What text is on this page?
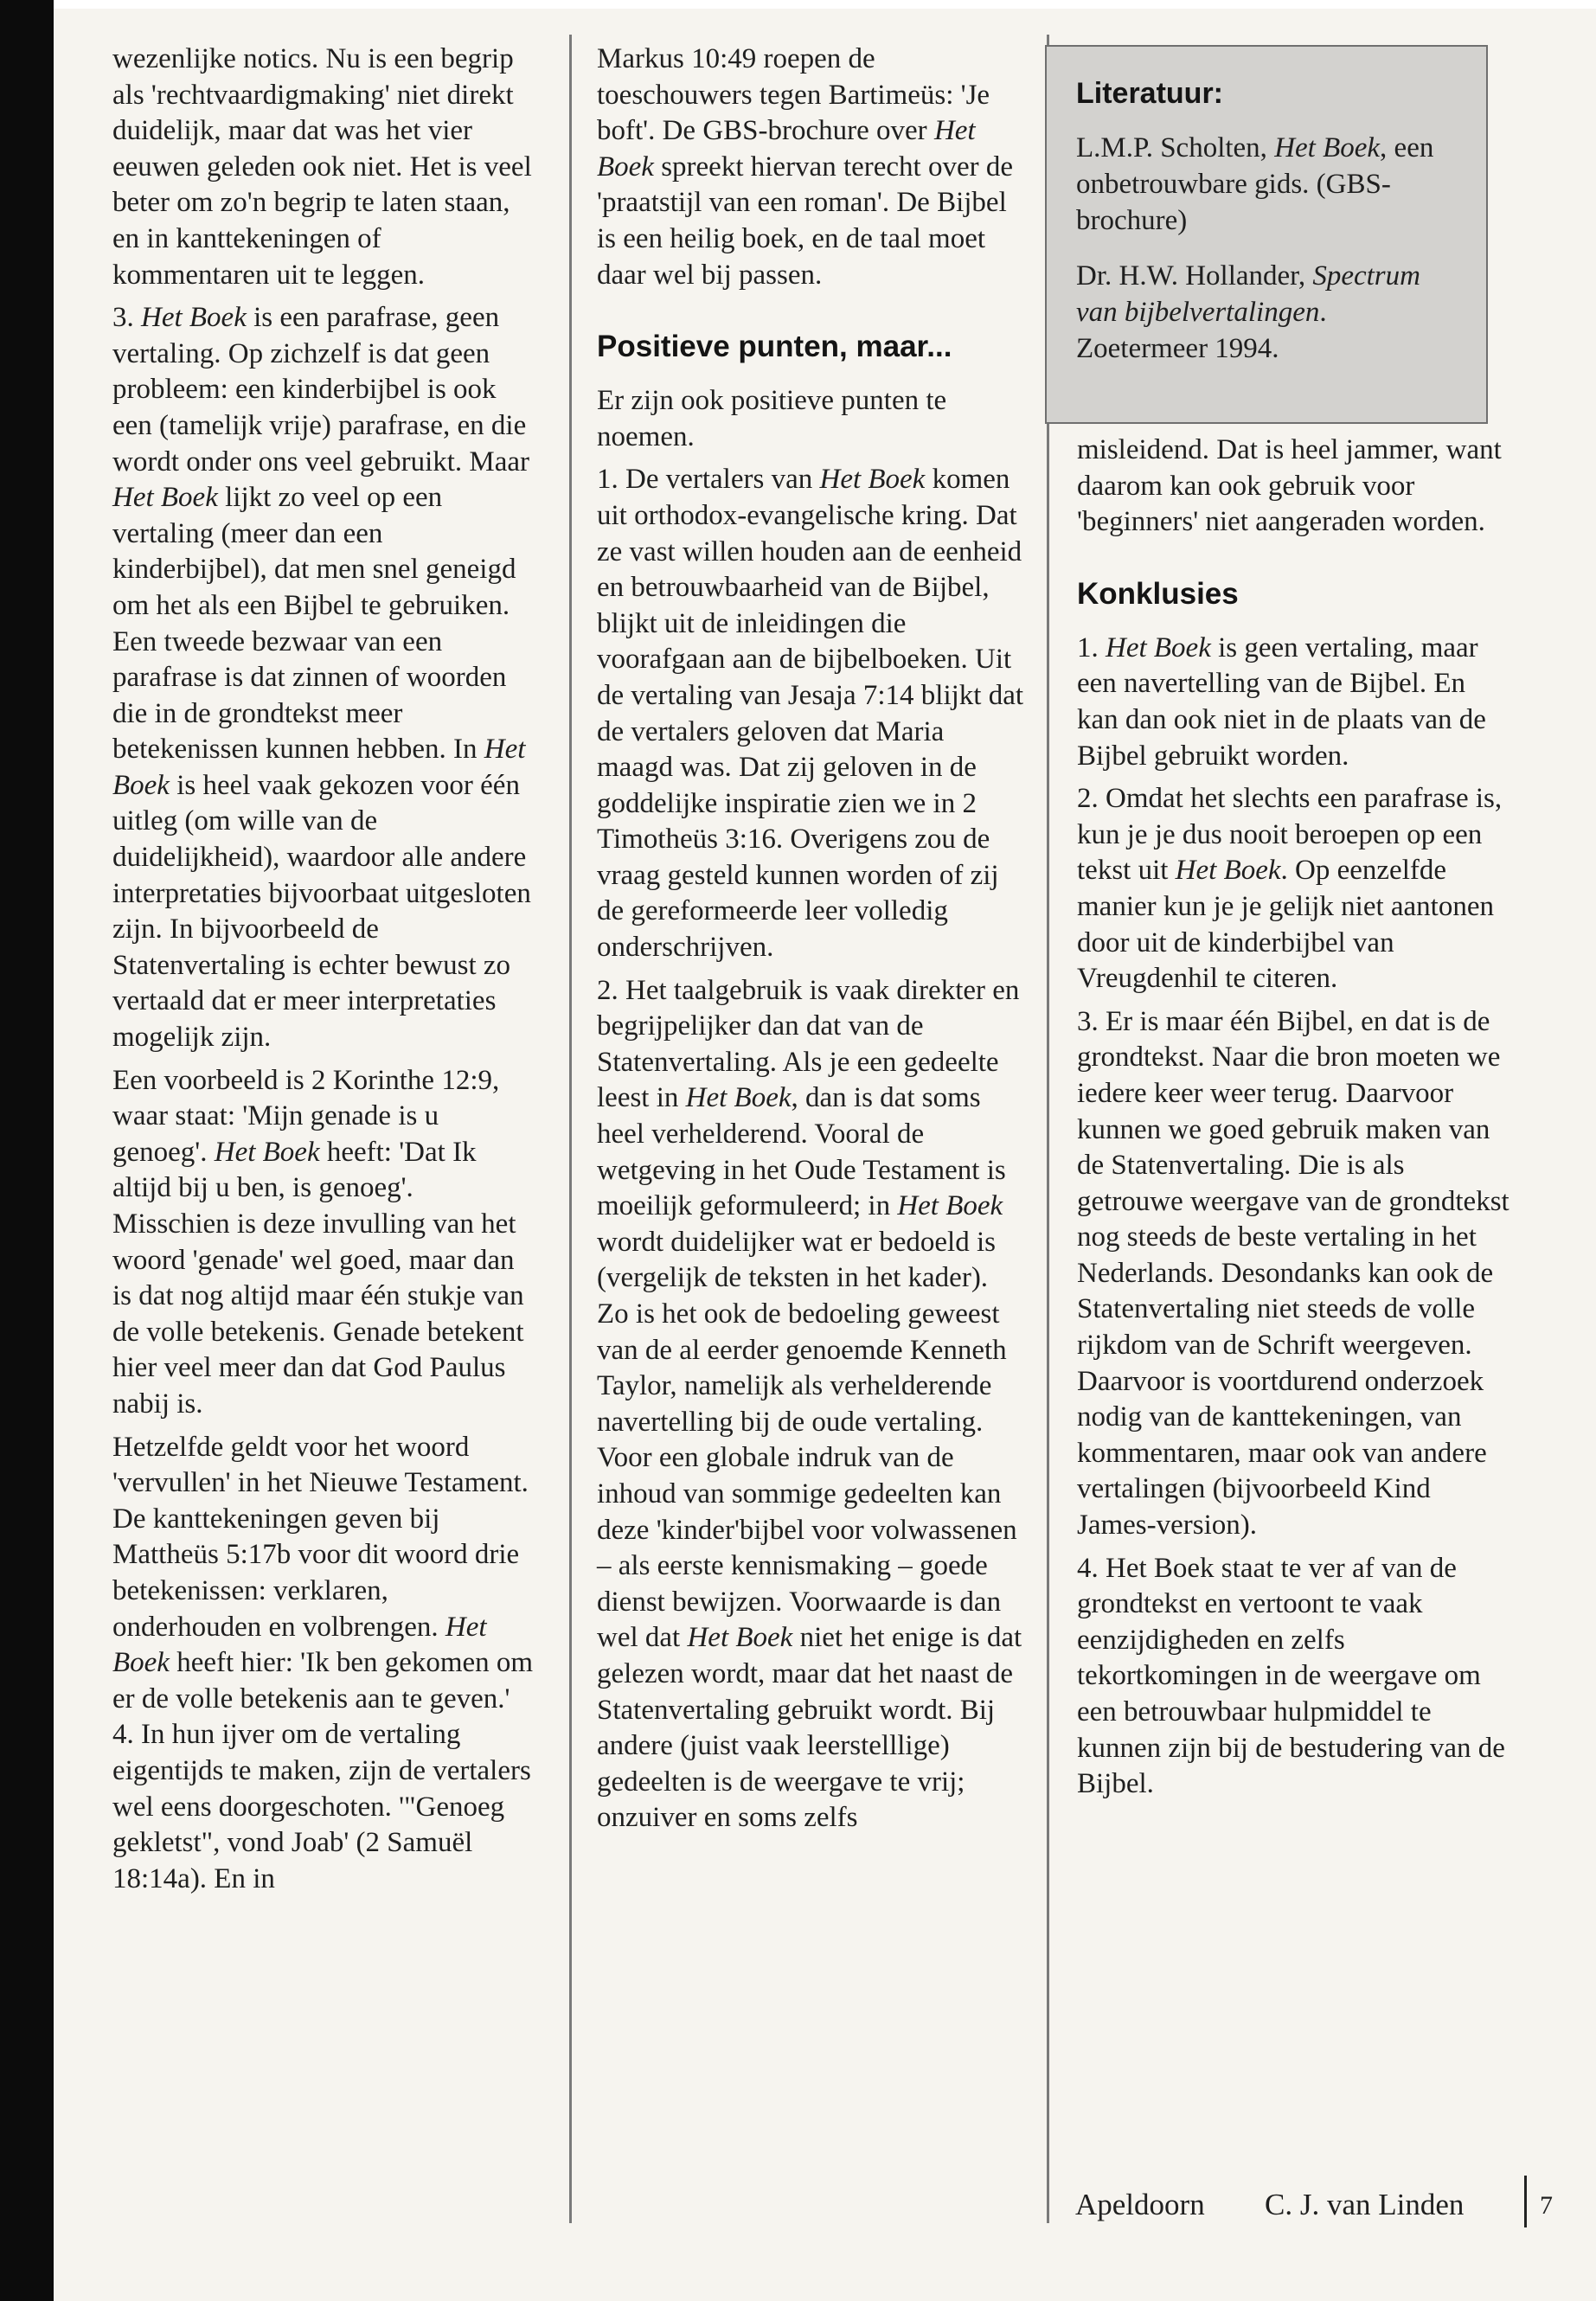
wezenlijke notics. Nu is een begrip als 'rechtvaardigmaking' niet direkt duidelijk, maar dat was het vier eeuwen geleden ook niet. Het is veel beter om zo'n begrip te laten staan, en in kanttekeningen of kommentaren uit te leggen.

3. Het Boek is een parafrase, geen vertaling. Op zichzelf is dat geen probleem: een kinderbijbel is ook een (tamelijk vrije) parafrase, en die wordt onder ons veel gebruikt. Maar Het Boek lijkt zo veel op een vertaling (meer dan een kinderbijbel), dat men snel geneigd om het als een Bijbel te gebruiken. Een tweede bezwaar van een parafrase is dat zinnen of woorden die in de grondtekst meer betekenissen kunnen hebben. In Het Boek is heel vaak gekozen voor één uitleg (om wille van de duidelijkheid), waardoor alle andere interpretaties bijvoorbaat uitgesloten zijn. In bijvoorbeeld de Statenvertaling is echter bewust zo vertaald dat er meer interpretaties mogelijk zijn.

Een voorbeeld is 2 Korinthe 12:9, waar staat: 'Mijn genade is u genoeg'. Het Boek heeft: 'Dat Ik altijd bij u ben, is genoeg'. Misschien is deze invulling van het woord 'genade' wel goed, maar dan is dat nog altijd maar één stukje van de volle betekenis. Genade betekent hier veel meer dan dat God Paulus nabij is.

Hetzelfde geldt voor het woord 'vervullen' in het Nieuwe Testament. De kanttekeningen geven bij Mattheüs 5:17b voor dit woord drie betekenissen: verklaren, onderhouden en volbrengen. Het Boek heeft hier: 'Ik ben gekomen om er de volle betekenis aan te geven.' 4. In hun ijver om de vertaling eigentijds te maken, zijn de vertalers wel eens doorgeschoten. '"Genoeg gekletst", vond Joab' (2 Samuël 18:14a). En in

Markus 10:49 roepen de toeschouwers tegen Bartimeüs: 'Je boft'. De GBS-brochure over Het Boek spreekt hiervan terecht over de 'praatstijl van een roman'. De Bijbel is een heilig boek, en de taal moet daar wel bij passen.

Positieve punten, maar...

Er zijn ook positieve punten te noemen.

1. De vertalers van Het Boek komen uit orthodox-evangelische kring. Dat ze vast willen houden aan de eenheid en betrouwbaarheid van de Bijbel, blijkt uit de inleidingen die voorafgaan aan de bijbelboeken. Uit de vertaling van Jesaja 7:14 blijkt dat de vertalers geloven dat Maria maagd was. Dat zij geloven in de goddelijke inspiratie zien we in 2 Timotheüs 3:16. Overigens zou de vraag gesteld kunnen worden of zij de gereformeerde leer volledig onderschrijven.

2. Het taalgebruik is vaak direkter en begrijpelijker dan dat van de Statenvertaling. Als je een gedeelte leest in Het Boek, dan is dat soms heel verhelderend. Vooral de wetgeving in het Oude Testament is moeilijk geformuleerd; in Het Boek wordt duidelijker wat er bedoeld is (vergelijk de teksten in het kader). Zo is het ook de bedoeling geweest van de al eerder genoemde Kenneth Taylor, namelijk als verhelderende navertelling bij de oude vertaling. Voor een globale indruk van de inhoud van sommige gedeelten kan deze 'kinder'bijbel voor volwassenen – als eerste kennismaking – goede dienst bewijzen. Voorwaarde is dan wel dat Het Boek niet het enige is dat gelezen wordt, maar dat het naast de Statenvertaling gebruikt wordt. Bij andere (juist vaak leerstelllige) gedeelten is de weergave te vrij; onzuiver en soms zelfs

Literatuur:

L.M.P. Scholten, Het Boek, een onbetrouwbare gids. (GBS-brochure)

Dr. H.W. Hollander, Spectrum van bijbelvertalingen. Zoetermeer 1994.

misleidend. Dat is heel jammer, want daarom kan ook gebruik voor 'beginners' niet aangeraden worden.

Konklusies

1. Het Boek is geen vertaling, maar een navertelling van de Bijbel. En kan dan ook niet in de plaats van de Bijbel gebruikt worden.

2. Omdat het slechts een parafrase is, kun je je dus nooit beroepen op een tekst uit Het Boek. Op eenzelfde manier kun je je gelijk niet aantonen door uit de kinderbijbel van Vreugdenhil te citeren.

3. Er is maar één Bijbel, en dat is de grondtekst. Naar die bron moeten we iedere keer weer terug. Daarvoor kunnen we goed gebruik maken van de Statenvertaling. Die is als getrouwe weergave van de grondtekst nog steeds de beste vertaling in het Nederlands. Desondanks kan ook de Statenvertaling niet steeds de volle rijkdom van de Schrift weergeven. Daarvoor is voortdurend onderzoek nodig van de kanttekeningen, van kommentaren, maar ook van andere vertalingen (bijvoorbeeld Kind James-version).

4. Het Boek staat te ver af van de grondtekst en vertoont te vaak eenzijdigheden en zelfs tekortkomingen in de weergave om een betrouwbaar hulpmiddel te kunnen zijn bij de bestudering van de Bijbel.

Apeldoorn C. J. van Linden	7
